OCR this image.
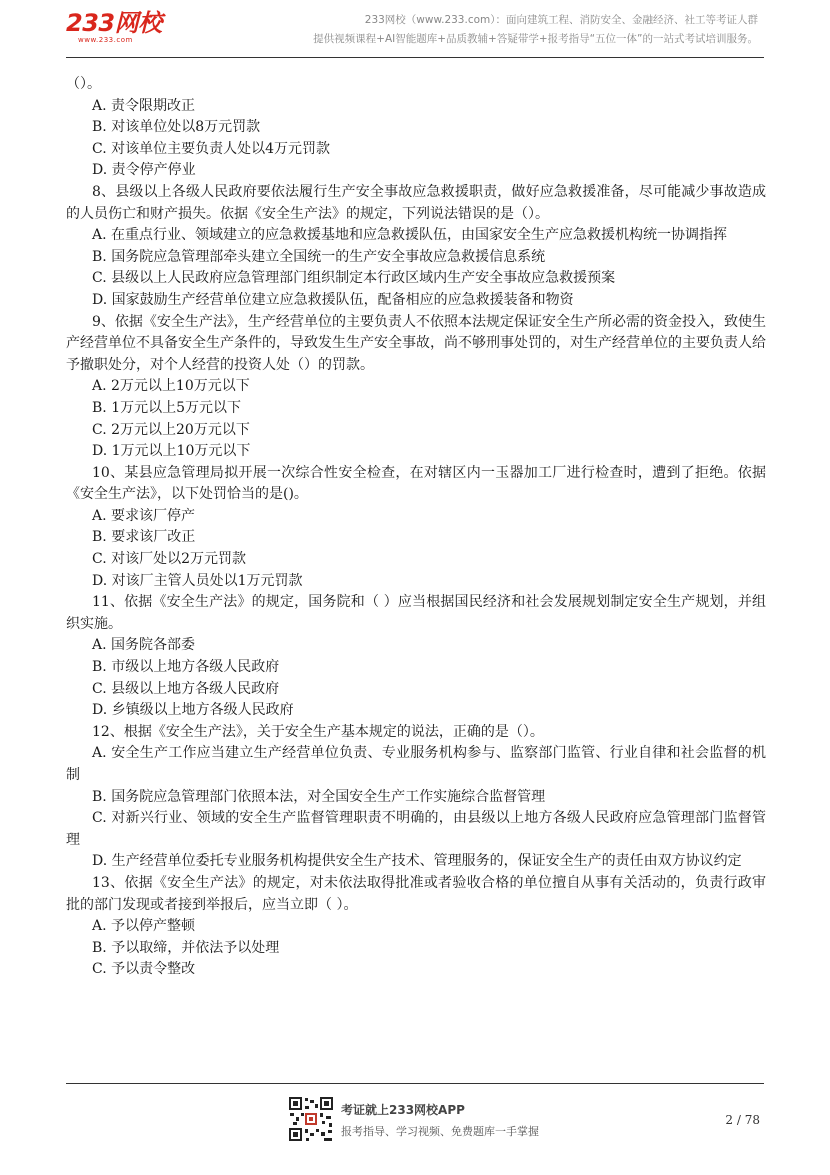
233网校
www.233.com
233网校（www.233.com）：面向建筑工程、消防安全、金融经济、社工等考证人群
提供视频课程+AI智能题库+品质教辅+答疑带学+报考指导“五位一体”的一站式考试培训服务。

（）。

A. 责令限期改正

B. 对该单位处以8万元罚款

C. 对该单位主要负责人处以4万元罚款

D. 责令停产停业

8、县级以上各级人民政府要依法履行生产安全事故应急救援职责，做好应急救援准备，尽可能减少事故造成的人员伤亡和财产损失。依据《安全生产法》的规定，下列说法错误的是（）。

A. 在重点行业、领域建立的应急救援基地和应急救援队伍，由国家安全生产应急救援机构统一协调指挥

B. 国务院应急管理部牵头建立全国统一的生产安全事故应急救援信息系统

C. 县级以上人民政府应急管理部门组织制定本行政区域内生产安全事故应急救援预案

D. 国家鼓励生产经营单位建立应急救援队伍，配备相应的应急救援装备和物资

9、依据《安全生产法》，生产经营单位的主要负责人不依照本法规定保证安全生产所必需的资金投入，致使生产经营单位不具备安全生产条件的，导致发生生产安全事故，尚不够刑事处罚的，对生产经营单位的主要负责人给予撤职处分，对个人经营的投资人处（）的罚款。

A. 2万元以上10万元以下

B. 1万元以上5万元以下

C. 2万元以上20万元以下

D. 1万元以上10万元以下

10、某县应急管理局拟开展一次综合性安全检查，在对辖区内一玉器加工厂进行检查时，遭到了拒绝。依据《安全生产法》，以下处罚恰当的是()。

A. 要求该厂停产

B. 要求该厂改正

C. 对该厂处以2万元罚款

D. 对该厂主管人员处以1万元罚款

11、依据《安全生产法》的规定，国务院和（ ）应当根据国民经济和社会发展规划制定安全生产规划，并组织实施。

A. 国务院各部委

B. 市级以上地方各级人民政府

C. 县级以上地方各级人民政府

D. 乡镇级以上地方各级人民政府

12、根据《安全生产法》，关于安全生产基本规定的说法，正确的是（）。

A. 安全生产工作应当建立生产经营单位负责、专业服务机构参与、监察部门监管、行业自律和社会监督的机制

B. 国务院应急管理部门依照本法，对全国安全生产工作实施综合监督管理

C. 对新兴行业、领域的安全生产监督管理职责不明确的，由县级以上地方各级人民政府应急管理部门监督管理

D. 生产经营单位委托专业服务机构提供安全生产技术、管理服务的，保证安全生产的责任由双方协议约定

13、依据《安全生产法》的规定，对未依法取得批准或者验收合格的单位擅自从事有关活动的，负责行政审批的部门发现或者接到举报后，应当立即（ ）。

A. 予以停产整顿

B. 予以取缔，并依法予以处理

C. 予以责令整改

考证就上233网校APP
报考指导、学习视频、免费题库一手掌握
2 / 78
